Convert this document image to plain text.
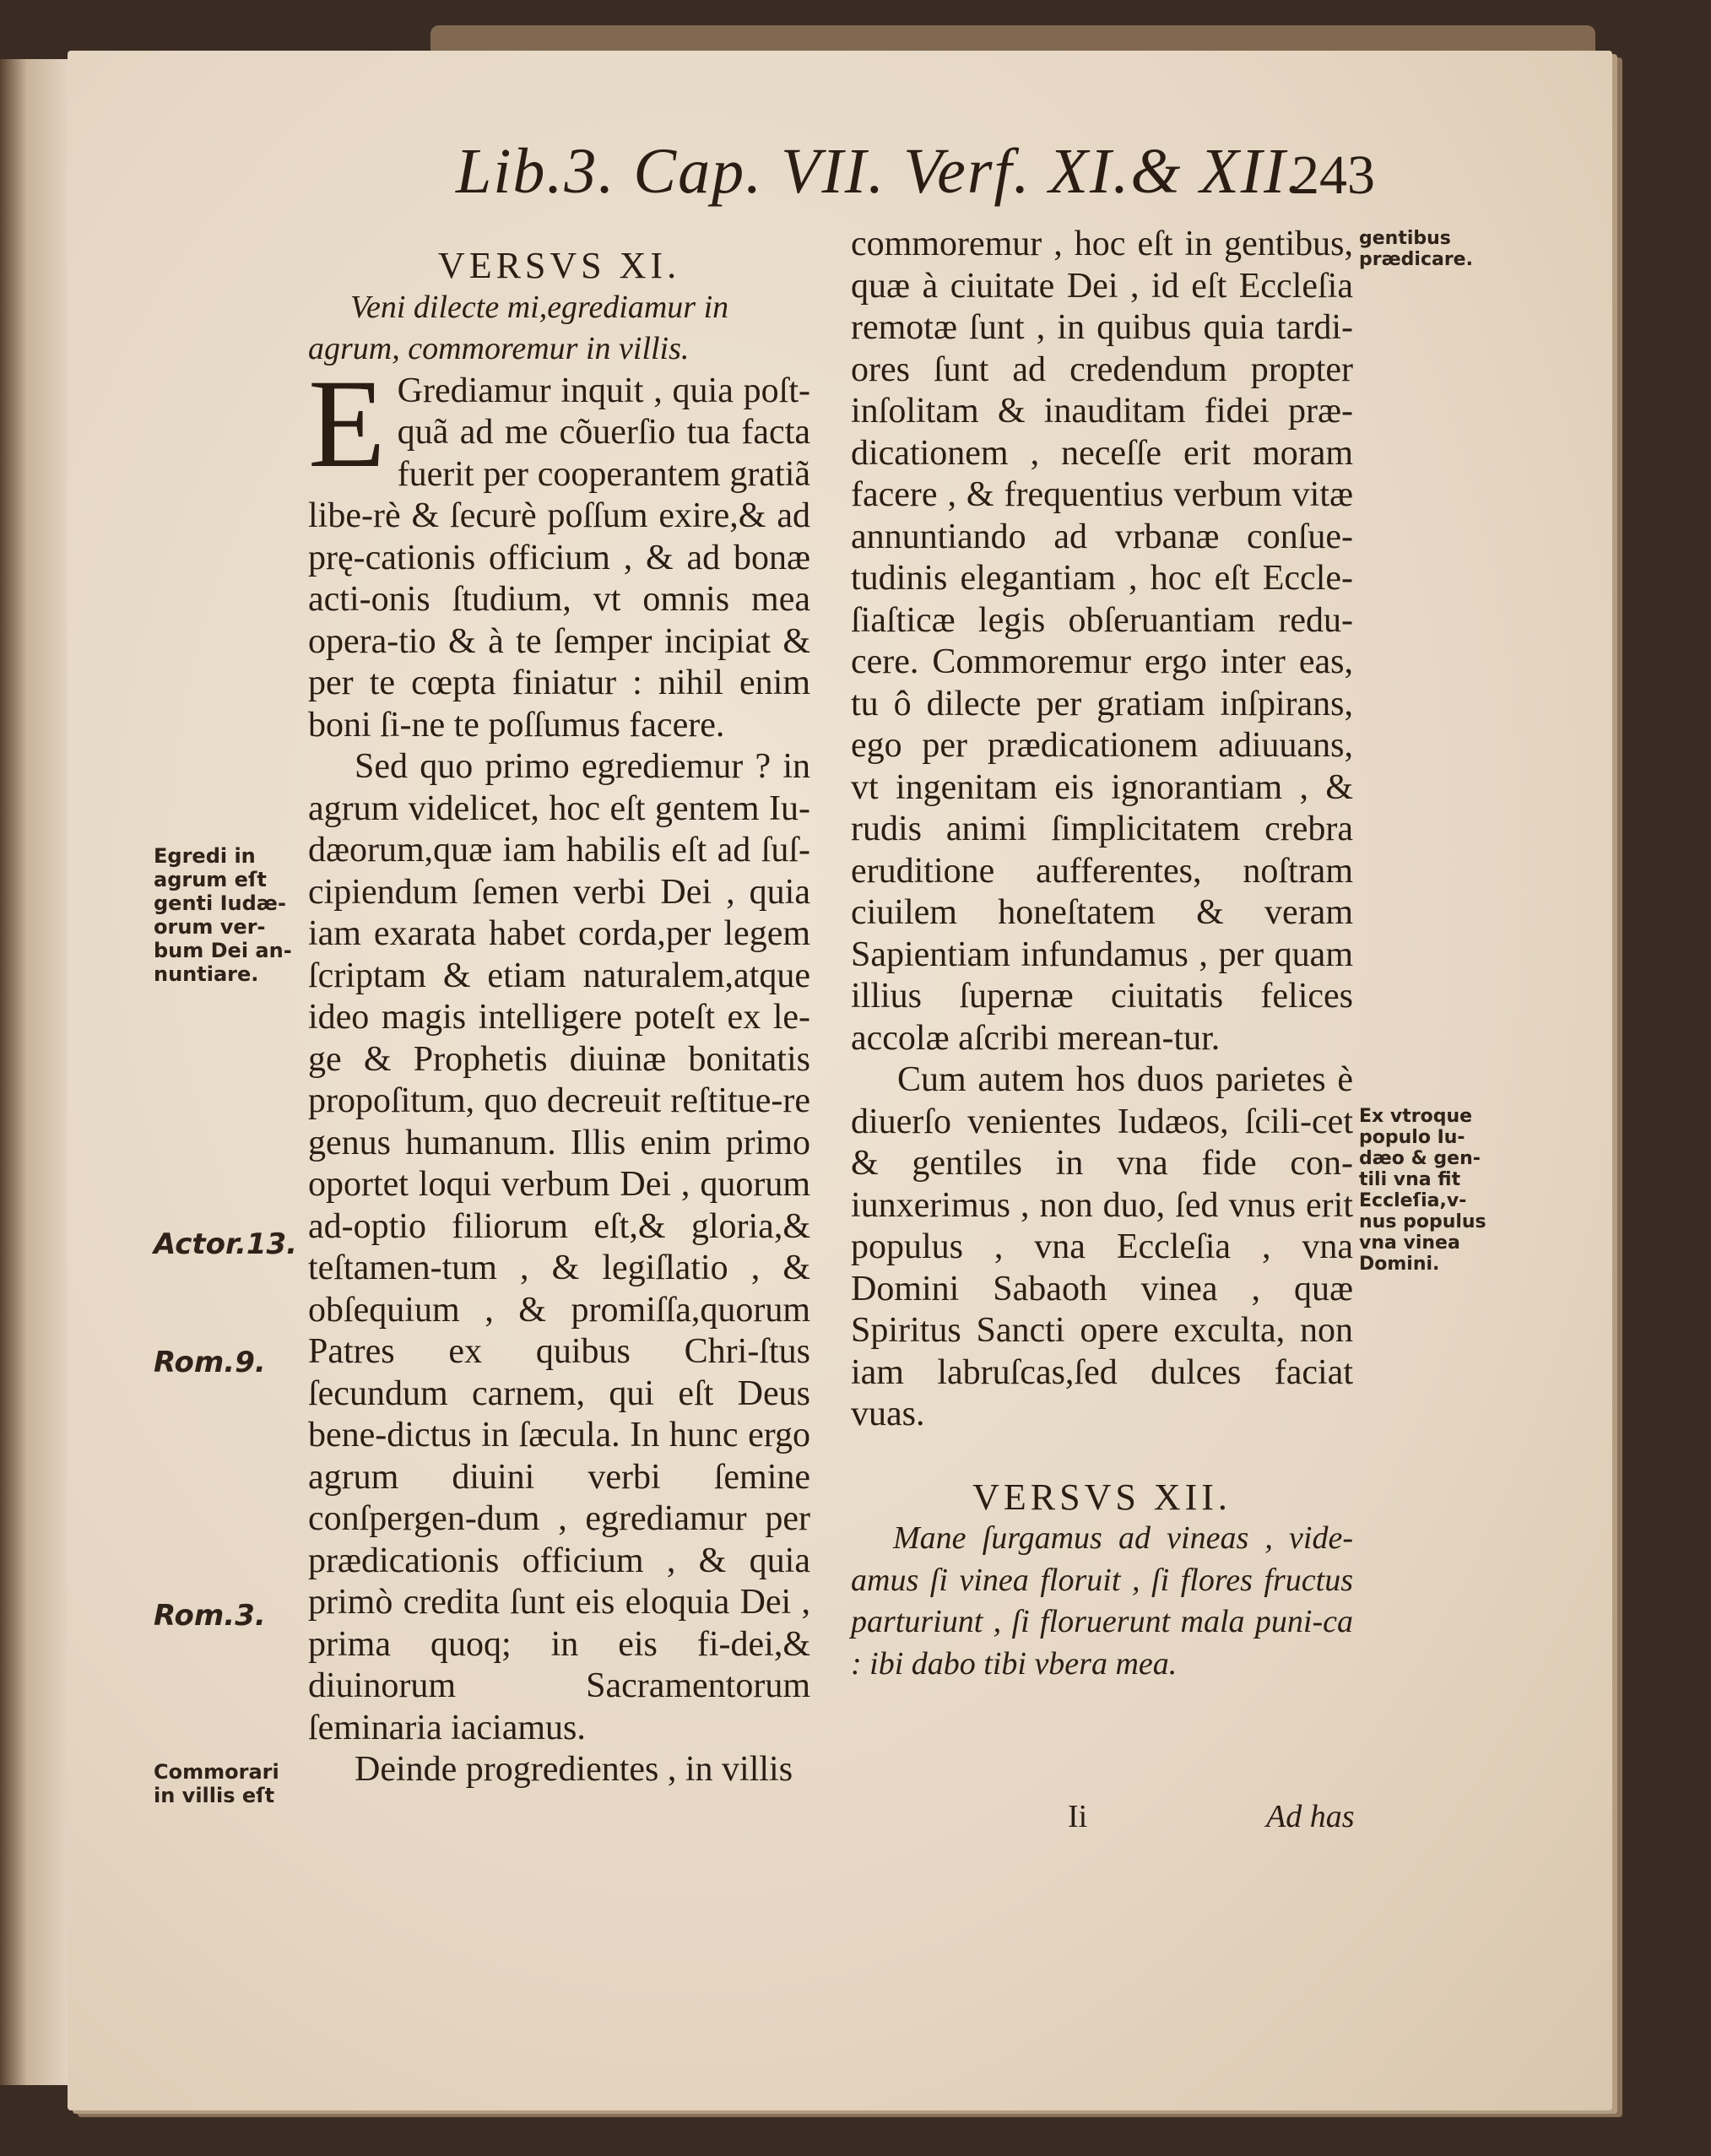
Lib.3. Cap. VII. Verf. XI.& XII.
243
VERSVS XI.
Veni dilecte mi,egrediamur in agrum, commoremur in villis.
E Grediamur inquit , quia poſt-quã ad me cõuerſio tua facta fuerit per cooperantem gratiã libe-rè & ſecurè poſſum exire,& ad prę-cationis officium , & ad bonæ acti-onis ſtudium, vt omnis mea opera-tio & à te ſemper incipiat & per te cœpta finiatur : nihil enim boni ſi-ne te poſſumus facere.

Sed quo primo egrediemur ? in agrum videlicet, hoc eſt gentem Iu-dæorum,quæ iam habilis eſt ad ſuſ-cipiendum ſemen verbi Dei , quia iam exarata habet corda,per legem ſcriptam & etiam naturalem,atque ideo magis intelligere poteſt ex le-ge & Prophetis diuinæ bonitatis propoſitum, quo decreuit reſtitue-re genus humanum. Illis enim primo oportet loqui verbum Dei , quorum ad-optio filiorum eſt,& gloria,& teſtamen-tum , & legiſlatio , & obſequium , & promiſſa,quorum Patres ex quibus Chri-ſtus ſecundum carnem, qui eſt Deus bene-dictus in ſæcula. In hunc ergo agrum diuini verbi ſemine conſpergen-dum , egrediamur per prædicationis officium , & quia primò credita ſunt eis eloquia Dei , prima quoq; in eis fi-dei,& diuinorum Sacramentorum ſeminaria iaciamus.

Deinde progredientes , in villis

commoremur , hoc eſt in gentibus, quæ à ciuitate Dei , id eſt Eccleſia remotæ ſunt , in quibus quia tardi-ores ſunt ad credendum propter inſolitam & inauditam fidei præ-dicationem , neceſſe erit moram facere , & frequentius verbum vitæ annuntiando ad vrbanæ conſue-tudinis elegantiam , hoc eſt Eccle-ſiaſticæ legis obſeruantiam redu-cere. Commoremur ergo inter eas, tu ô dilecte per gratiam inſpirans, ego per prædicationem adiuuans, vt ingenitam eis ignorantiam , & rudis animi ſimplicitatem crebra eruditione aufferentes, noſtram ciuilem honeſtatem & veram Sapientiam infundamus , per quam illius ſupernæ ciuitatis felices accolæ aſcribi merean-tur.

Cum autem hos duos parietes è diuerſo venientes Iudæos, ſcili-cet & gentiles in vna fide con-iunxerimus , non duo, ſed vnus erit populus , vna Eccleſia , vna Domini Sabaoth vinea , quæ Spiritus Sancti opere exculta, non iam labruſcas,ſed dulces faciat vuas.

VERSVS XII.
Mane ſurgamus ad vineas , vide-amus ſi vinea floruit , ſi flores fructus parturiunt , ſi floruerunt mala puni-ca : ibi dabo tibi vbera mea.
Egredi in agrum eſt genti Iudæ-orum ver-bum Dei an-nuntiare.
Actor.13.
Rom.9.
Rom.3.
Commorari in villis eſt
gentibus prædicare.
Ex vtroque populo Iu-dæo & gen-tili vna fit Eccleſia,v-nus populus vna vinea Domini.
Ii	Ad has
